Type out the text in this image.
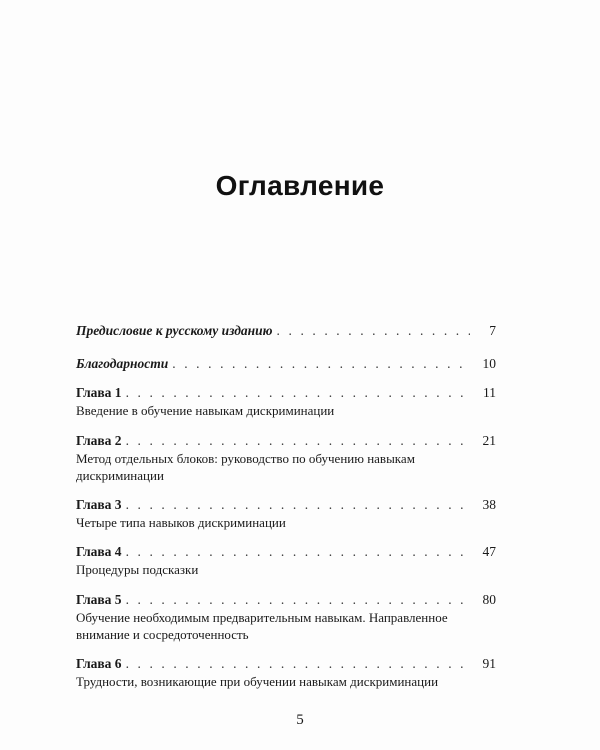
Оглавление
Предисловие к русскому изданию . . .	7
Благодарности . . .	10
Глава 1 . . .	11
Введение в обучение навыкам дискриминации
Глава 2 . . .	21
Метод отдельных блоков: руководство по обучению навыкам дискриминации
Глава 3 . . .	38
Четыре типа навыков дискриминации
Глава 4 . . .	47
Процедуры подсказки
Глава 5 . . .	80
Обучение необходимым предварительным навыкам. Направленное внимание и сосредоточенность
Глава 6 . . .	91
Трудности, возникающие при обучении навыкам дискриминации
5
